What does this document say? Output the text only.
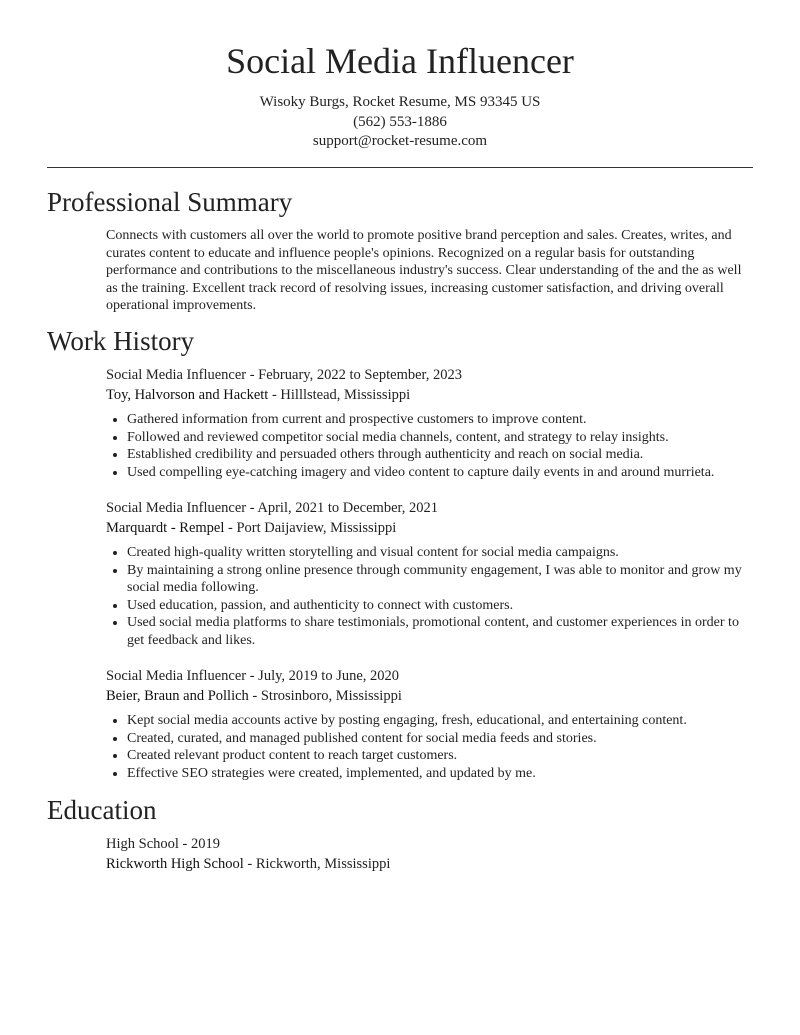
Social Media Influencer
Wisoky Burgs, Rocket Resume, MS 93345 US
(562) 553-1886
support@rocket-resume.com
Professional Summary
Connects with customers all over the world to promote positive brand perception and sales. Creates, writes, and curates content to educate and influence people's opinions. Recognized on a regular basis for outstanding performance and contributions to the miscellaneous industry's success. Clear understanding of the and the as well as the training. Excellent track record of resolving issues, increasing customer satisfaction, and driving overall operational improvements.
Work History
Social Media Influencer - February, 2022 to September, 2023
Toy, Halvorson and Hackett - Hilllstead, Mississippi
• Gathered information from current and prospective customers to improve content.
• Followed and reviewed competitor social media channels, content, and strategy to relay insights.
• Established credibility and persuaded others through authenticity and reach on social media.
• Used compelling eye-catching imagery and video content to capture daily events in and around murrieta.
Social Media Influencer - April, 2021 to December, 2021
Marquardt - Rempel - Port Daijaview, Mississippi
• Created high-quality written storytelling and visual content for social media campaigns.
• By maintaining a strong online presence through community engagement, I was able to monitor and grow my social media following.
• Used education, passion, and authenticity to connect with customers.
• Used social media platforms to share testimonials, promotional content, and customer experiences in order to get feedback and likes.
Social Media Influencer - July, 2019 to June, 2020
Beier, Braun and Pollich - Strosinboro, Mississippi
• Kept social media accounts active by posting engaging, fresh, educational, and entertaining content.
• Created, curated, and managed published content for social media feeds and stories.
• Created relevant product content to reach target customers.
• Effective SEO strategies were created, implemented, and updated by me.
Education
High School - 2019
Rickworth High School - Rickworth, Mississippi
